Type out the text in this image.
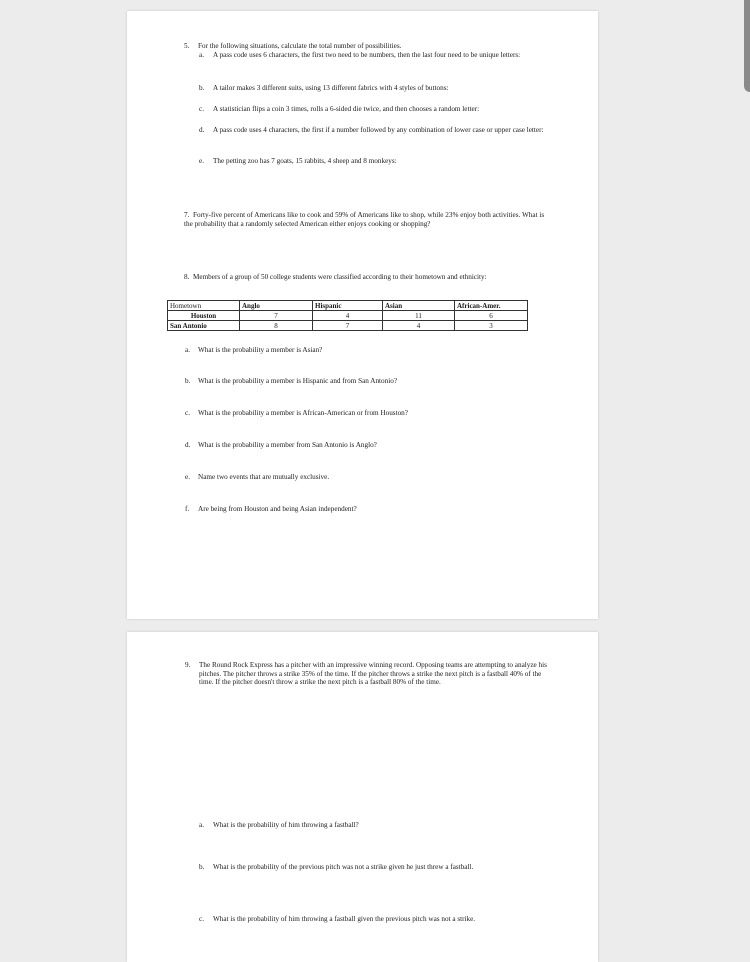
5. For the following situations, calculate the total number of possibilities.
a. A pass code uses 6 characters, the first two need to be numbers, then the last four need to be unique letters:
b. A tailor makes 3 different suits, using 13 different fabrics with 4 styles of buttons:
c. A statistician flips a coin 3 times, rolls a 6-sided die twice, and then chooses a random letter:
d. A pass code uses 4 characters, the first if a number followed by any combination of lower case or upper case letter:
e. The petting zoo has 7 goats, 15 rabbits, 4 sheep and 8 monkeys:
7. Forty-five percent of Americans like to cook and 59% of Americans like to shop, while 23% enjoy both activities. What is the probability that a randomly selected American either enjoys cooking or shopping?
8. Members of a group of 50 college students were classified according to their hometown and ethnicity:
Hometown	Anglo	Hispanic	Asian	African-Amer.
Houston	7	4	11	6
San Antonio	8	7	4	3
a. What is the probability a member is Asian?
b. What is the probability a member is Hispanic and from San Antonio?
c. What is the probability a member is African-American or from Houston?
d. What is the probability a member from San Antonio is Anglo?
e. Name two events that are mutually exclusive.
f. Are being from Houston and being Asian independent?
9. The Round Rock Express has a pitcher with an impressive winning record. Opposing teams are attempting to analyze his pitches. The pitcher throws a strike 35% of the time. If the pitcher throws a strike the next pitch is a fastball 40% of the time. If the pitcher doesn't throw a strike the next pitch is a fastball 80% of the time.
a. What is the probability of him throwing a fastball?
b. What is the probability of the previous pitch was not a strike given he just threw a fastball.
c. What is the probability of him throwing a fastball given the previous pitch was not a strike.
